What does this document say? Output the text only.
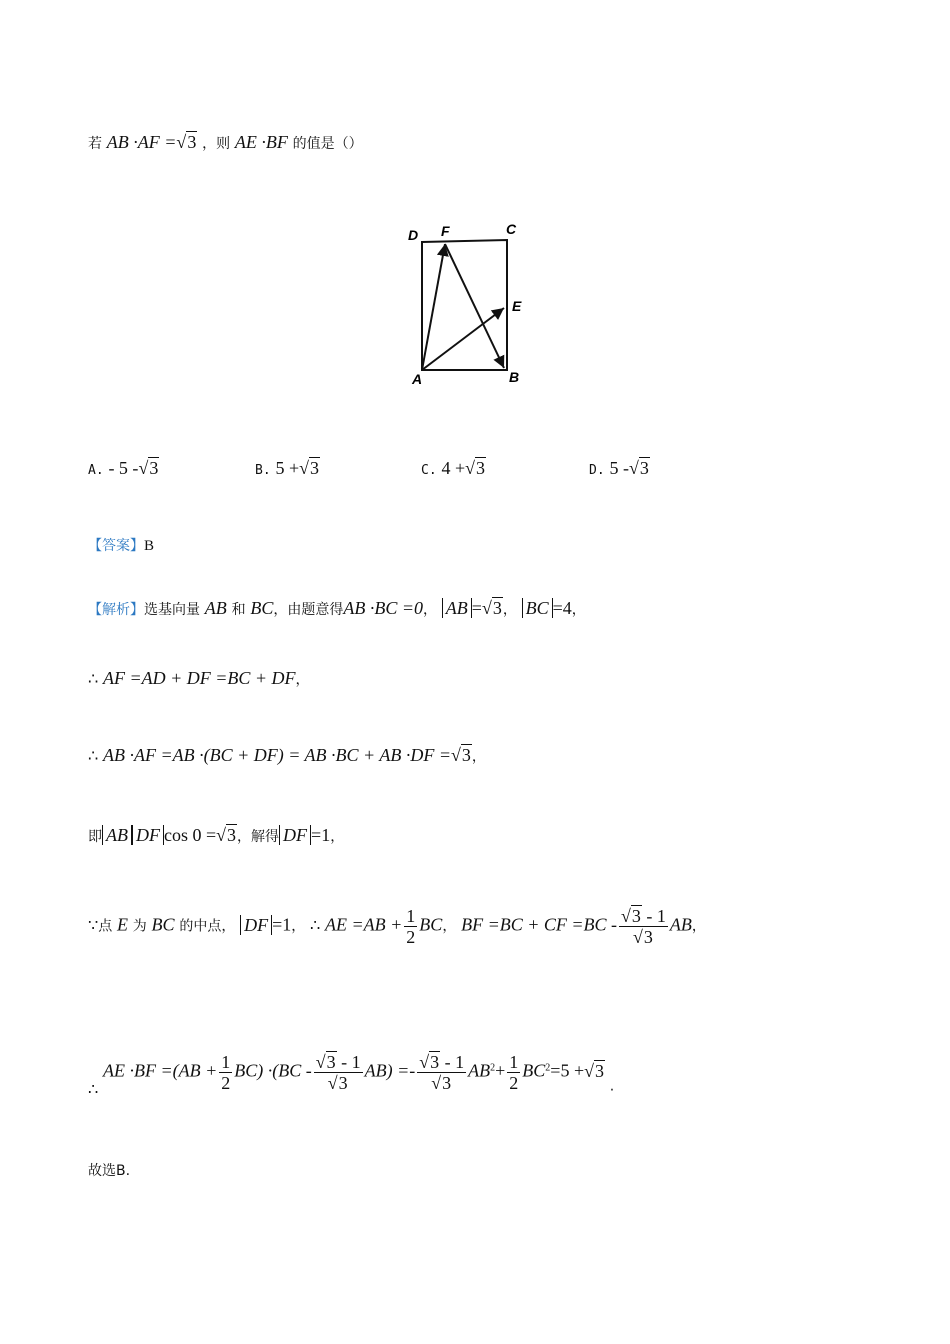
若 AB ·AF =√3 ，则 AE ·BF 的值是（）
D F	C
E
A	B
A. - 5 -√3	B. 5 +√3	C. 4 +√3	D. 5 -√3
【答案】B
【解析】选基向量 AB 和 BC，由题意得AB ·BC =0， AB =√3， BC =4，
∴ AF =AD + DF =BC + DF，
∴ AB ·AF =AB ·(BC + DF) = AB ·BC + AB ·DF =√3，
即 AB DF cos 0 =√3，解得 DF =1，
∵点 E 为 BC 的中点， DF =1， ∴ AE $=AB + \frac{1}{2}$ BC， BF =BC + CF $=BC - \frac{√3 - 1}{√3}$ AB，
∴ AE $\cdot BF =(AB + \frac{1}{2} BC) \cdot(BC - \frac{√3 - 1}{√3} AB) =- \frac{√3 - 1}{√3} AB^2+ \frac{1}{2} BC^2=5 +√3$ .
故选B.
